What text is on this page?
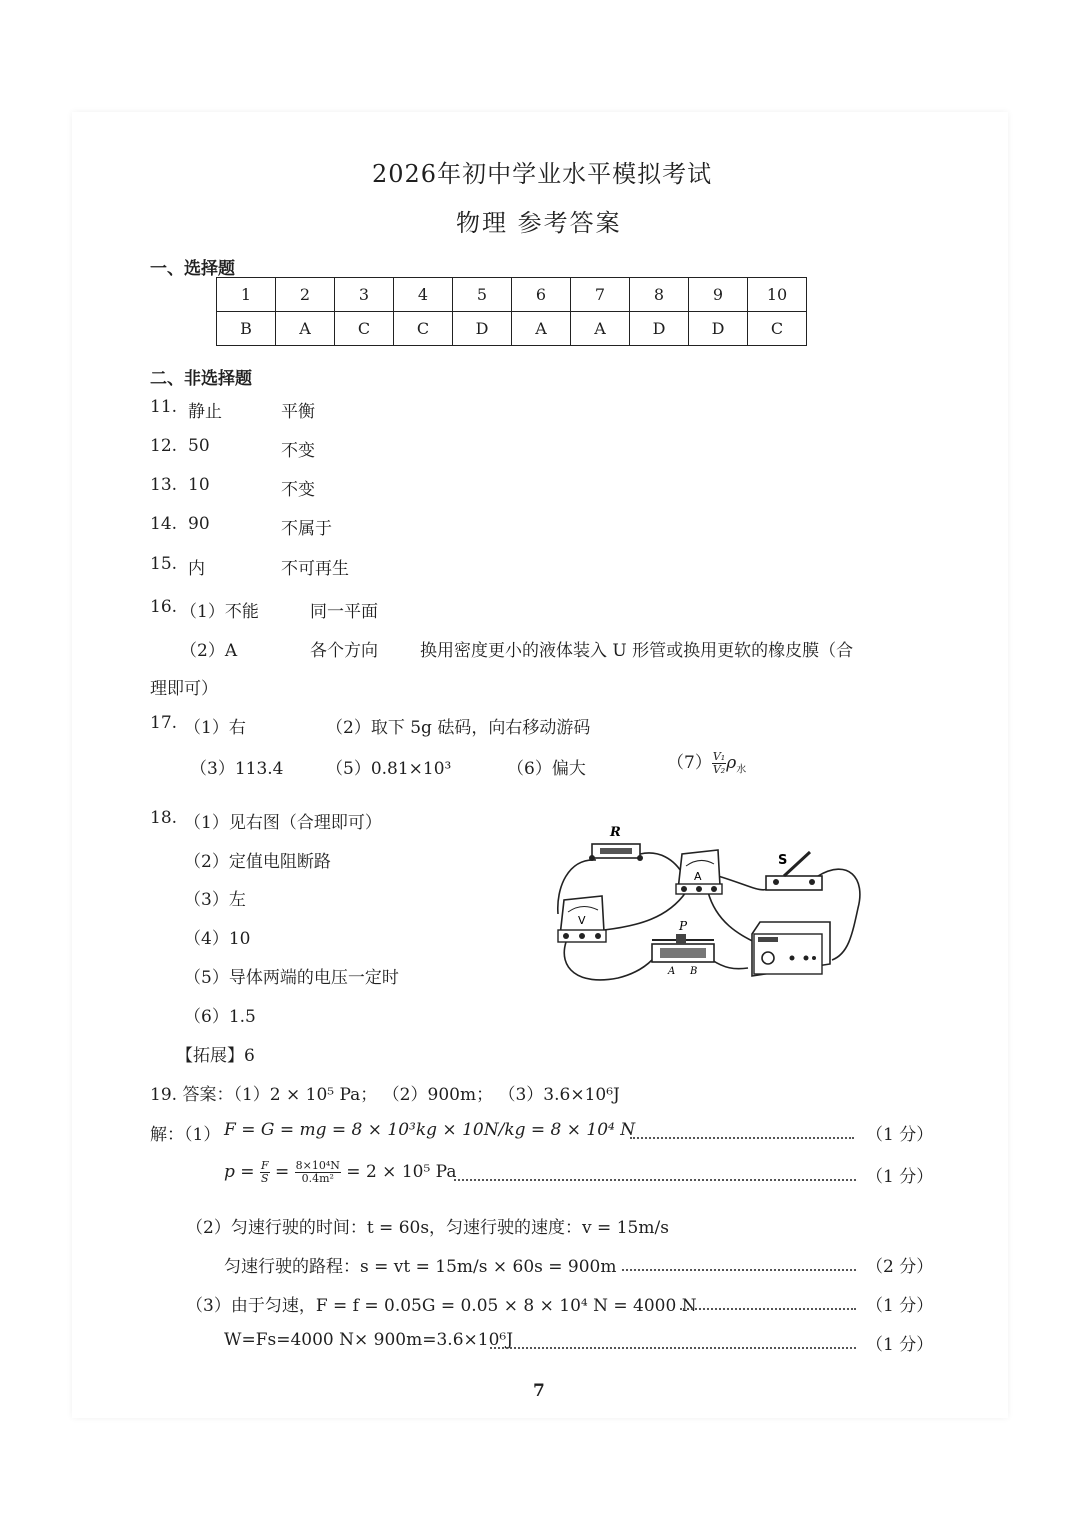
2026年初中学业水平模拟考试
物理 参考答案
一、选择题
1	2	3	4	5	6	7	8	9	10
B	A	C	C	D	A	A	D	D	C
二、非选择题
11. 静止	平衡
12. 50	不变
13. 10	不变
14. 90	不属于
15. 内	不可再生
16. （1）不能	同一平面
（2）A	各个方向 换用密度更小的液体装入 U 形管或换用更软的橡皮膜（合
理即可）
17. （1）右	（2）取下 5g 砝码，向右移动游码
（3）113.4	（5）0.81×10³	（6）偏大	$(7) \frac{\text{V₁}}{\text{V₂}} \rho_水$
18. （1）见右图（合理即可）
（2）定值电阻断路
（3）左
（4）10
（5）导体两端的电压一定时
（6）1.5
【拓展】6
R
A
V
S
P
A B
19. 答案：（1）2 × 10⁵ Pa； （2）900m； （3）3.6×10⁶J
解：（1） F = G = mg = 8 × 10³kg × 10N/kg = 8 × 10⁴ N	（1 分）
$p = \frac{F}{S} = \frac{\text{8×10⁴N}}{\text{0.4m²}} = 2 \times 10^5$ Pa	（1 分）
（2）匀速行驶的时间：t = 60s，匀速行驶的速度：v = 15m/s
匀速行驶的路程：s = vt = 15m/s × 60s = 900m	（2 分）
（3）由于匀速，F = f = 0.05G = 0.05 × 8 × 10⁴ N = 4000 N	（1 分）
W=Fs=4000 N× 900m=3.6×10⁶J	（1 分）
7
